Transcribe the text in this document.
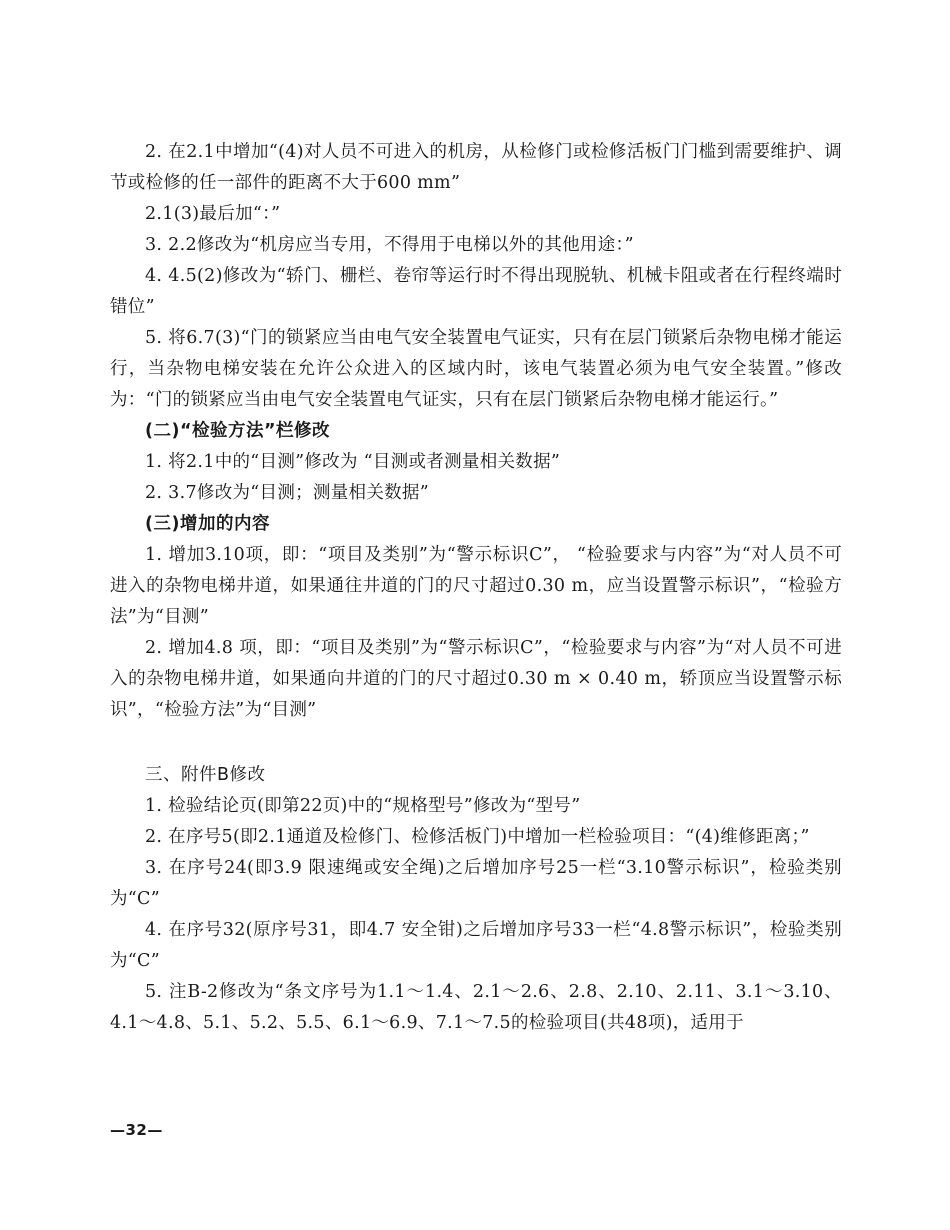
2. 在2.1中增加“(4)对人员不可进入的机房，从检修门或检修活板门门槛到需要维护、调节或检修的任一部件的距离不大于600 mm”

2.1(3)最后加“：”

3. 2.2修改为“机房应当专用，不得用于电梯以外的其他用途：”

4. 4.5(2)修改为“轿门、栅栏、卷帘等运行时不得出现脱轨、机械卡阻或者在行程终端时错位”

5. 将6.7(3)“门的锁紧应当由电气安全装置电气证实，只有在层门锁紧后杂物电梯才能运行，当杂物电梯安装在允许公众进入的区域内时，该电气装置必须为电气安全装置。”修改为：“门的锁紧应当由电气安全装置电气证实，只有在层门锁紧后杂物电梯才能运行。”

(二)“检验方法”栏修改

1. 将2.1中的“目测”修改为 “目测或者测量相关数据”

2. 3.7修改为“目测；测量相关数据”

(三)增加的内容

1. 增加3.10项，即：“项目及类别”为“警示标识C”， “检验要求与内容”为“对人员不可进入的杂物电梯井道，如果通往井道的门的尺寸超过0.30 m，应当设置警示标识”，“检验方法”为“目测”

2. 增加4.8 项，即：“项目及类别”为“警示标识C”，“检验要求与内容”为“对人员不可进入的杂物电梯井道，如果通向井道的门的尺寸超过0.30 m × 0.40 m，轿顶应当设置警示标识”，“检验方法”为“目测”

三、附件B修改

1. 检验结论页(即第22页)中的“规格型号”修改为“型号”

2. 在序号5(即2.1通道及检修门、检修活板门)中增加一栏检验项目：“(4)维修距离；”

3. 在序号24(即3.9 限速绳或安全绳)之后增加序号25一栏“3.10警示标识”，检验类别为“C”

4. 在序号32(原序号31，即4.7 安全钳)之后增加序号33一栏“4.8警示标识”，检验类别为“C”

5. 注B-2修改为“条文序号为1.1～1.4、2.1～2.6、2.8、2.10、2.11、3.1～3.10、4.1～4.8、5.1、5.2、5.5、6.1～6.9、7.1～7.5的检验项目(共48项)，适用于

—32—
